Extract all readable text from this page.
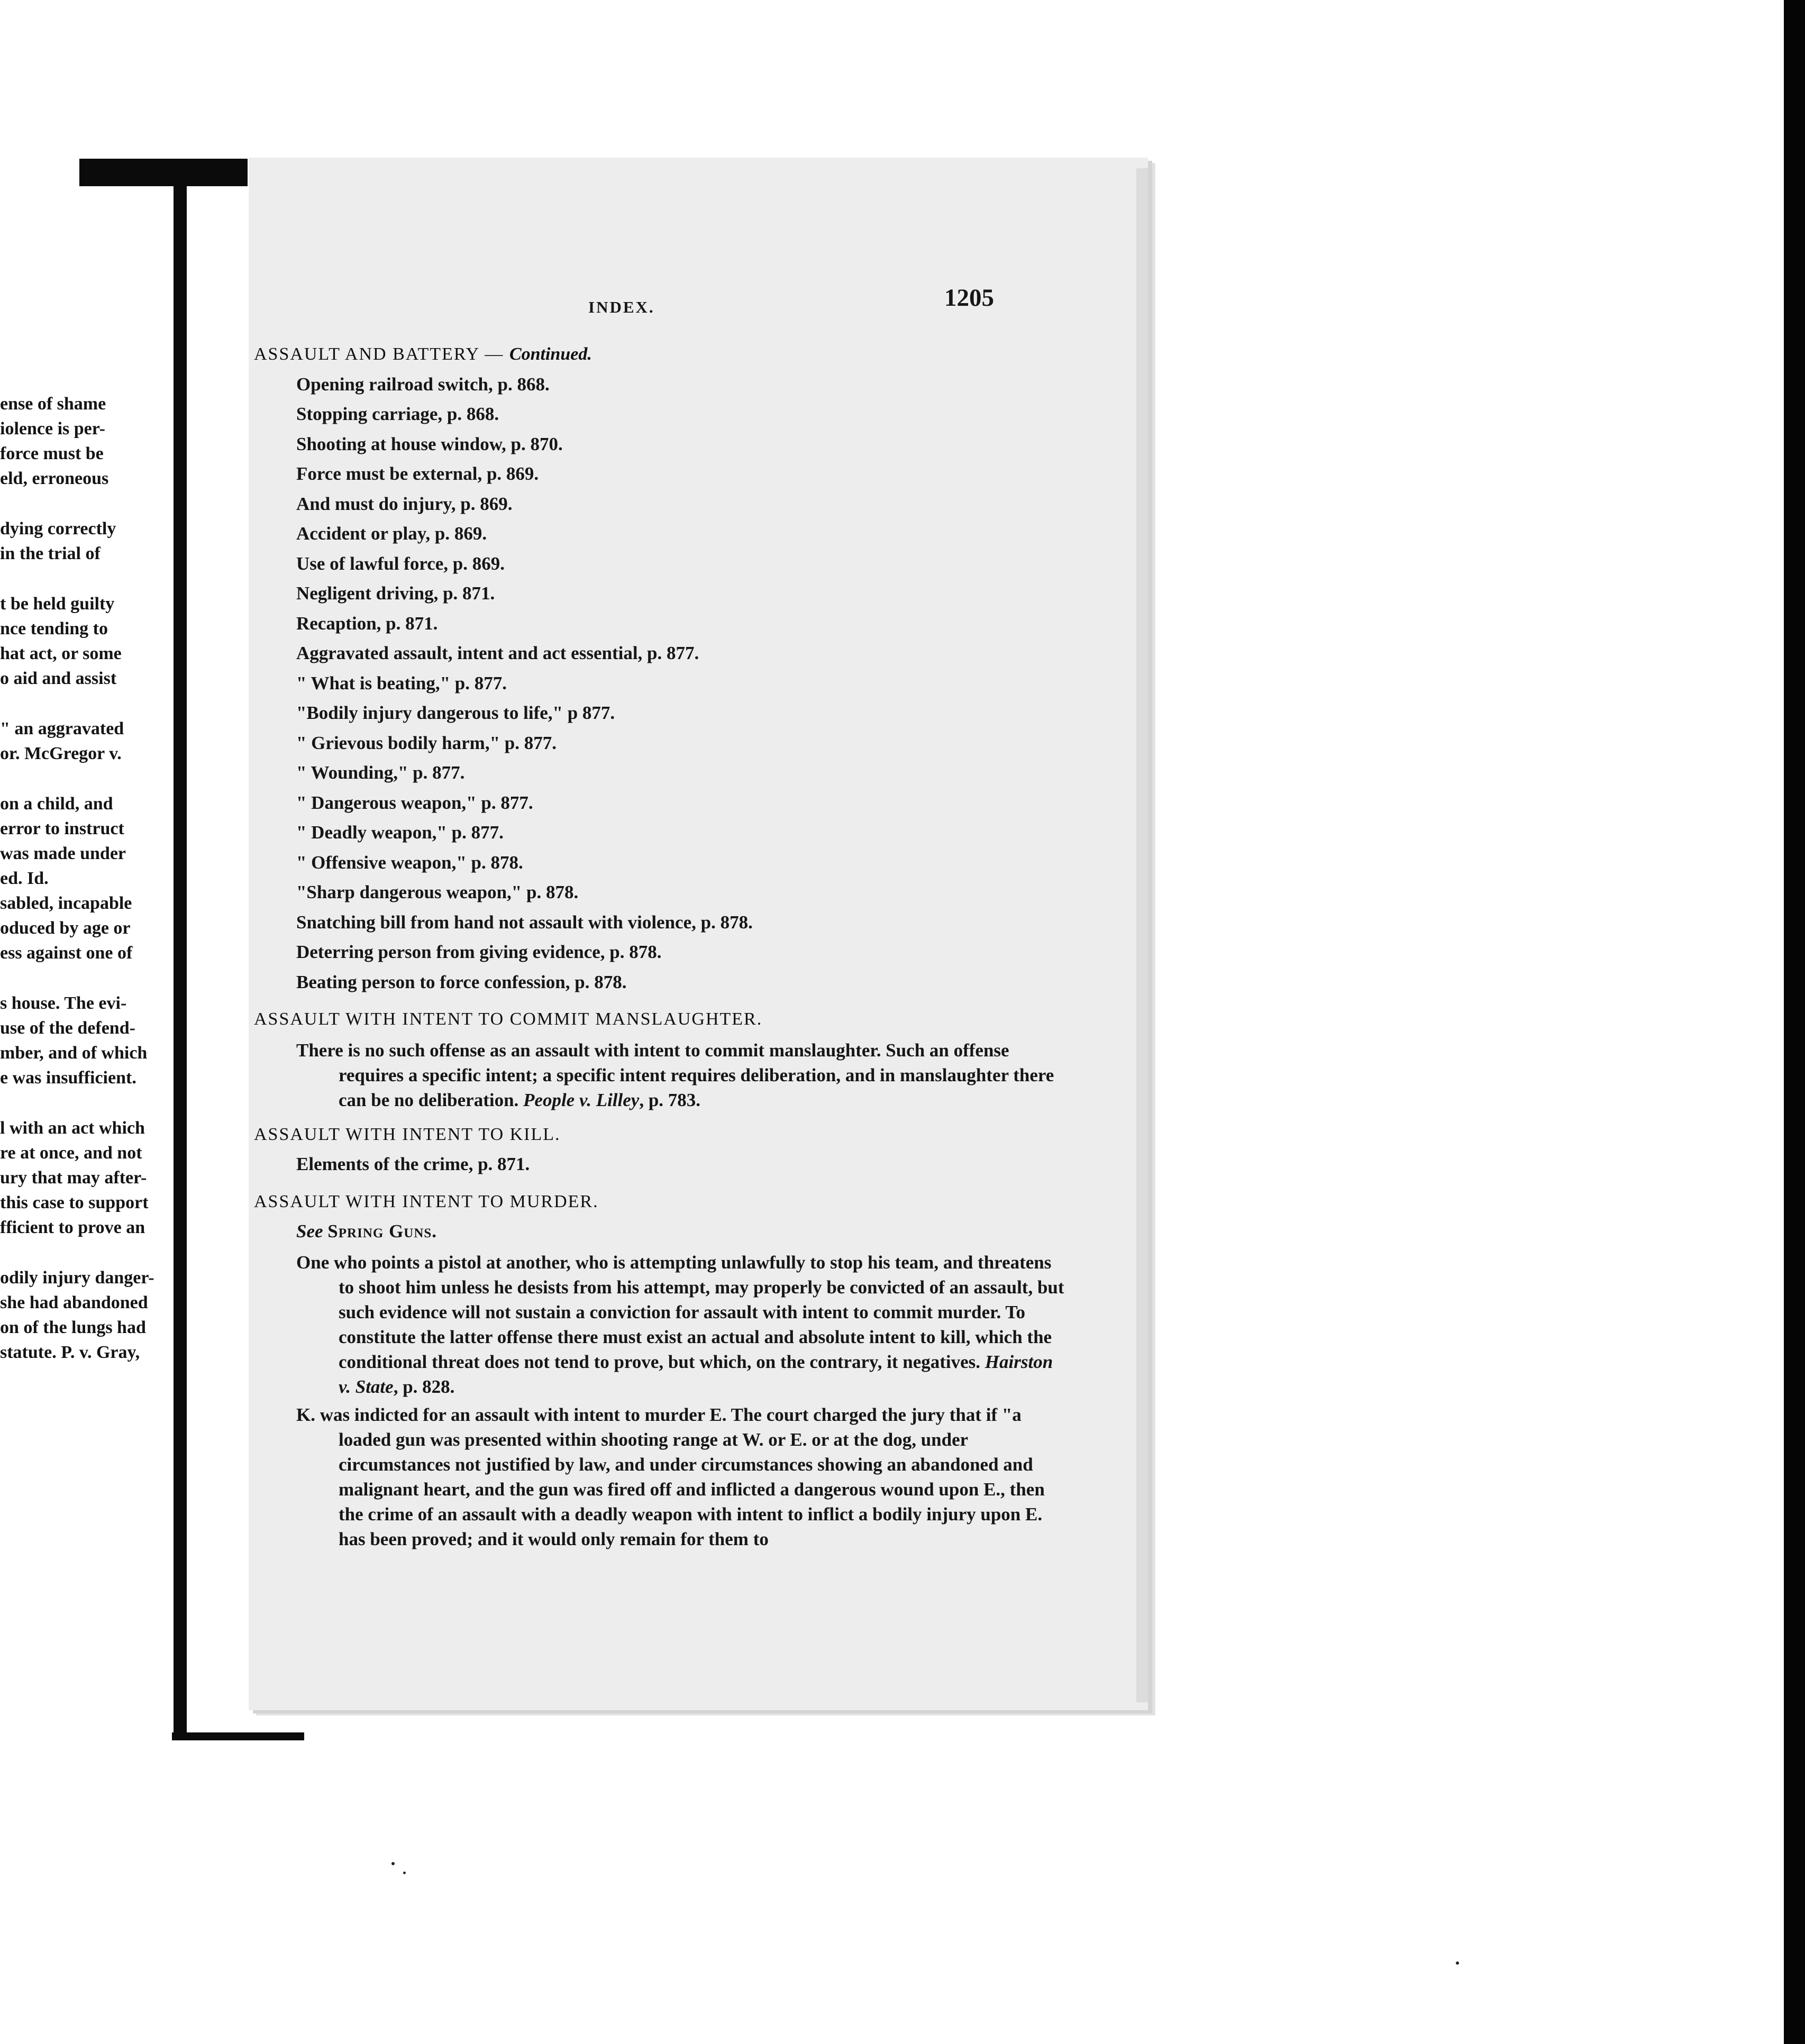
ense of shame
iolence is per-
force must be
eld, erroneous
dying correctly
in the trial of
t be held guilty
nce tending to
hat act, or some
o aid and assist
" an aggravated
or. McGregor v.
on a child, and
error to instruct
was made under
ed. Id.
sabled, incapable
oduced by age or
ess against one of
s house. The evi-
use of the defend-
mber, and of which
e was insufficient.
l with an act which
re at once, and not
ury that may after-
this case to support
fficient to prove an
odily injury danger-
she had abandoned
on of the lungs had
statute. P. v. Gray,
INDEX.	1205
ASSAULT AND BATTERY — Continued.
Opening railroad switch, p. 868.
Stopping carriage, p. 868.
Shooting at house window, p. 870.
Force must be external, p. 869.
And must do injury, p. 869.
Accident or play, p. 869.
Use of lawful force, p. 869.
Negligent driving, p. 871.
Recaption, p. 871.
Aggravated assault, intent and act essential, p. 877.
" What is beating," p. 877.
"Bodily injury dangerous to life," p 877.
" Grievous bodily harm," p. 877.
" Wounding," p. 877.
" Dangerous weapon," p. 877.
" Deadly weapon," p. 877.
" Offensive weapon," p. 878.
"Sharp dangerous weapon," p. 878.
Snatching bill from hand not assault with violence, p. 878.
Deterring person from giving evidence, p. 878.
Beating person to force confession, p. 878.
ASSAULT WITH INTENT TO COMMIT MANSLAUGHTER.
There is no such offense as an assault with intent to commit manslaughter. Such an offense requires a specific intent; a specific intent requires deliberation, and in manslaughter there can be no deliberation. People v. Lilley, p. 783.
ASSAULT WITH INTENT TO KILL.
Elements of the crime, p. 871.
ASSAULT WITH INTENT TO MURDER.
See Spring Guns.
One who points a pistol at another, who is attempting unlawfully to stop his team, and threatens to shoot him unless he desists from his attempt, may properly be convicted of an assault, but such evidence will not sustain a conviction for assault with intent to commit murder. To constitute the latter offense there must exist an actual and absolute intent to kill, which the conditional threat does not tend to prove, but which, on the contrary, it negatives. Hairston v. State, p. 828.
K. was indicted for an assault with intent to murder E. The court charged the jury that if "a loaded gun was presented within shooting range at W. or E. or at the dog, under circumstances not justified by law, and under circumstances showing an abandoned and malignant heart, and the gun was fired off and inflicted a dangerous wound upon E., then the crime of an assault with a deadly weapon with intent to inflict a bodily injury upon E. has been proved; and it would only remain for them to
